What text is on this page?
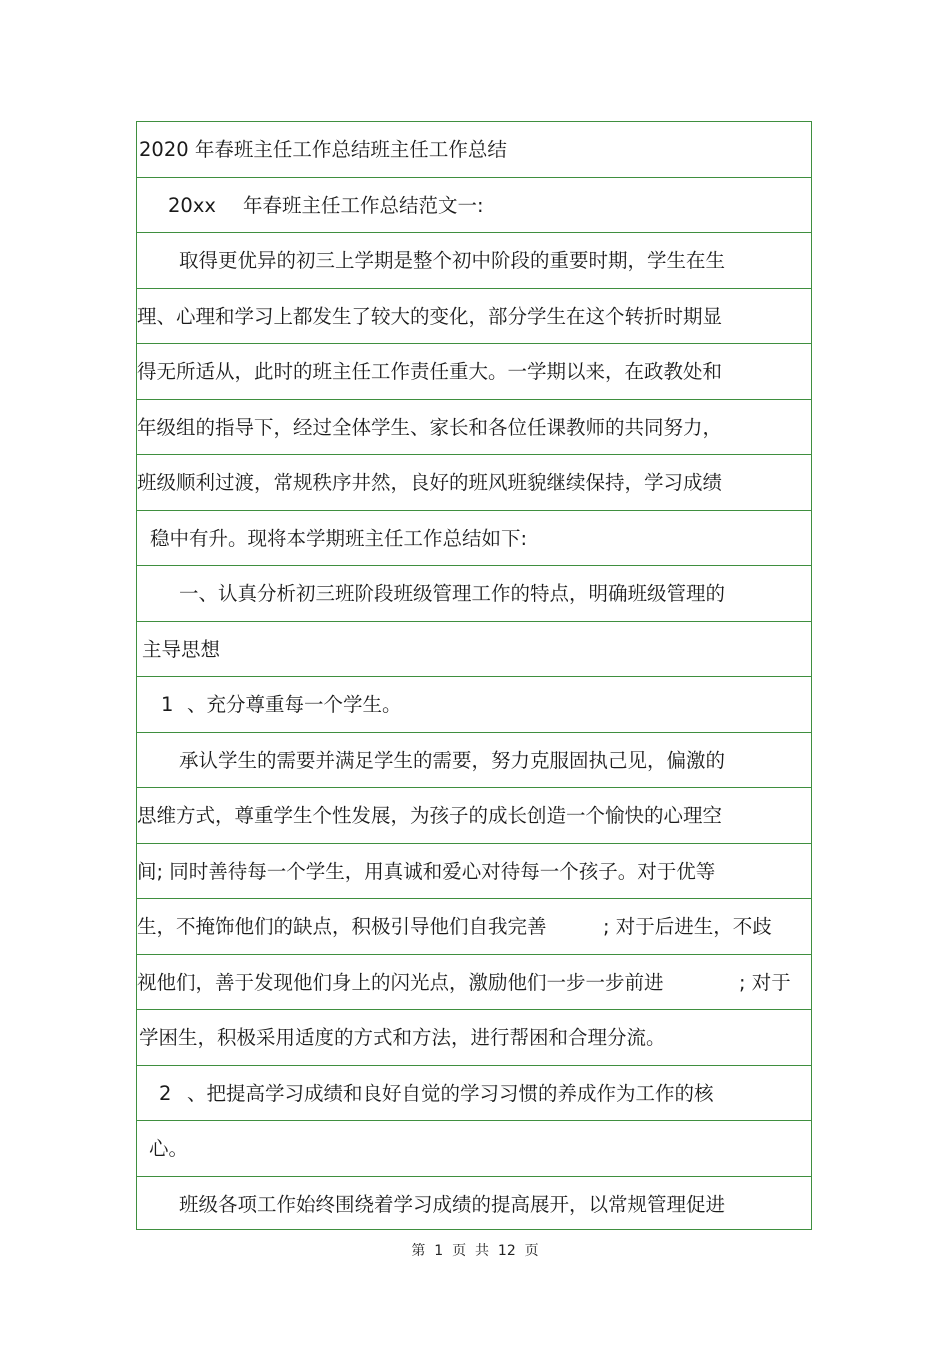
2020 年春班主任工作总结班主任工作总结
20xx 年春班主任工作总结范文一:
取得更优异的初三上学期是整个初中阶段的重要时期，学生在生
理、心理和学习上都发生了较大的变化，部分学生在这个转折时期显
得无所适从，此时的班主任工作责任重大。一学期以来，在政教处和
年级组的指导下，经过全体学生、家长和各位任课教师的共同努力，
班级顺利过渡，常规秩序井然，良好的班风班貌继续保持，学习成绩
稳中有升。现将本学期班主任工作总结如下:
一、认真分析初三班阶段班级管理工作的特点，明确班级管理的
主导思想
1 、充分尊重每一个学生。
承认学生的需要并满足学生的需要，努力克服固执己见，偏激的
思维方式，尊重学生个性发展，为孩子的成长创造一个愉快的心理空
间; 同时善待每一个学生，用真诚和爱心对待每一个孩子。对于优等
生，不掩饰他们的缺点，积极引导他们自我完善	; 对于后进生，不歧
视他们，善于发现他们身上的闪光点，激励他们一步一步前进	; 对于
学困生，积极采用适度的方式和方法，进行帮困和合理分流。
2 、把提高学习成绩和良好自觉的学习习惯的养成作为工作的核
心。
班级各项工作始终围绕着学习成绩的提高展开，以常规管理促进
第 1 页 共 12 页
